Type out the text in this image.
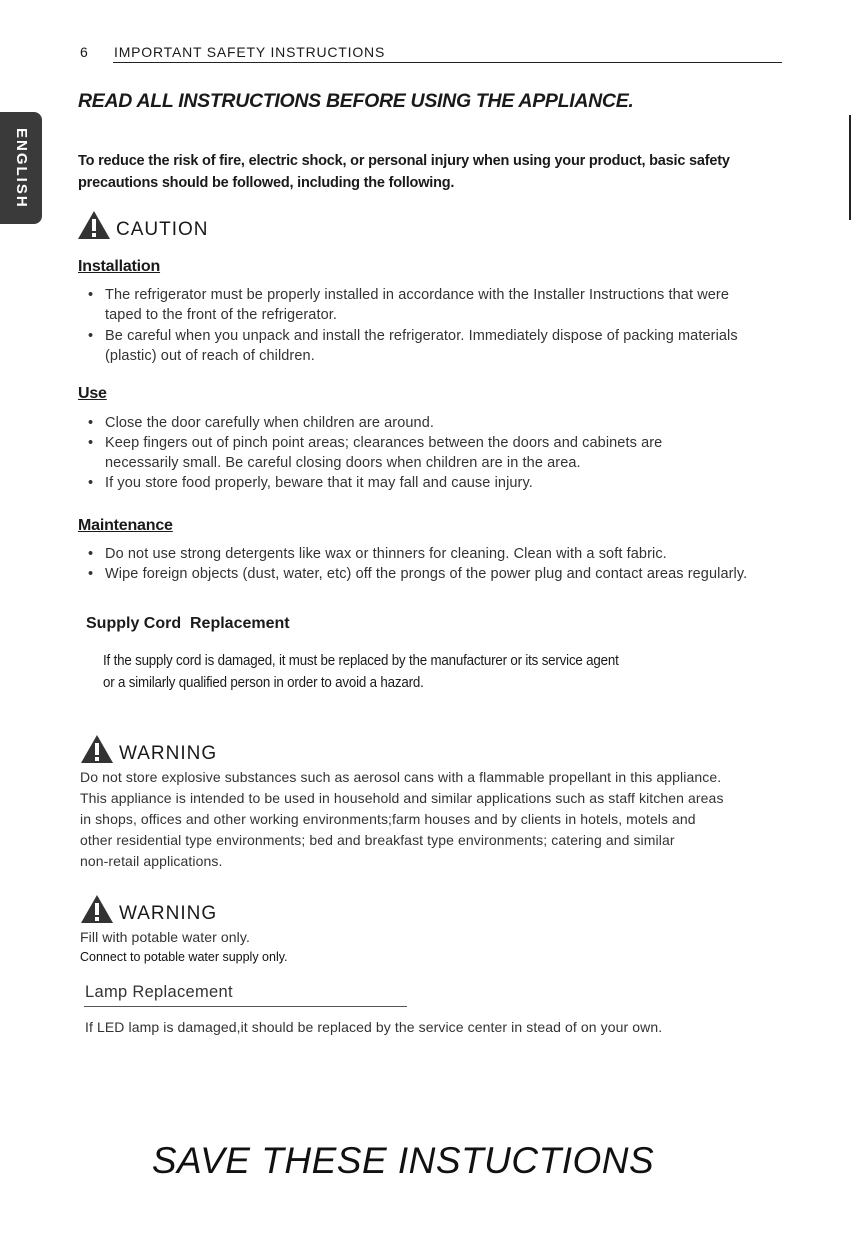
6 IMPORTANT SAFETY INSTRUCTIONS
ENGLISH
READ ALL INSTRUCTIONS BEFORE USING THE APPLIANCE.
To reduce the risk of fire, electric shock, or personal injury when using your product, basic safety precautions should be followed, including the following.
CAUTION
Installation
• The refrigerator must be properly installed in accordance with the Installer Instructions that were taped to the front of the refrigerator.
• Be careful when you unpack and install the refrigerator. Immediately dispose of packing materials (plastic) out of reach of children.
Use
• Close the door carefully when children are around.
• Keep fingers out of pinch point areas; clearances between the doors and cabinets are necessarily small. Be careful closing doors when children are in the area.
• If you store food properly, beware that it may fall and cause injury.
Maintenance
• Do not use strong detergents like wax or thinners for cleaning. Clean with a soft fabric.
• Wipe foreign objects (dust, water, etc) off the prongs of the power plug and contact areas regularly.
Supply Cord  Replacement
If the supply cord is damaged, it must be replaced by the manufacturer or its service agent
or a similarly qualified person in order to avoid a hazard.
WARNING
Do not store explosive substances such as aerosol cans with a flammable propellant in this appliance.
This appliance is intended to be used in household and similar applications such as staff kitchen areas
in shops, offices and other working environments;farm houses and by clients in hotels, motels and
other residential type environments; bed and breakfast type environments; catering and similar
non-retail applications.
WARNING
Fill with potable water only.
Connect to potable water supply only.
Lamp Replacement
If LED lamp is damaged,it should be replaced by the service center in stead of on your own.
SAVE THESE INSTUCTIONS
